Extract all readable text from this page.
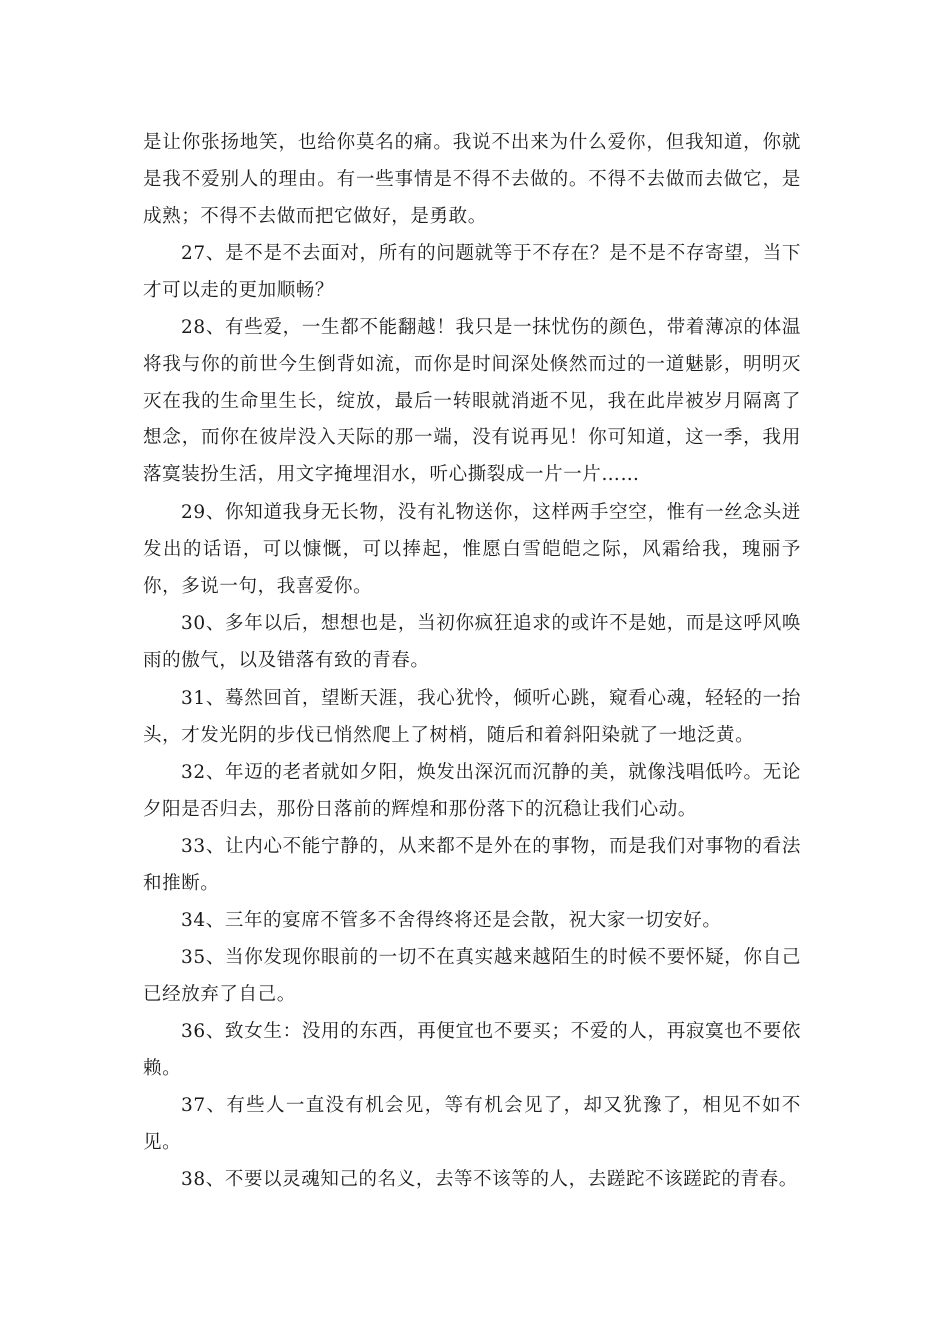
是让你张扬地笑，也给你莫名的痛。我说不出来为什么爱你，但我知道，你就是我不爱别人的理由。有一些事情是不得不去做的。不得不去做而去做它，是成熟；不得不去做而把它做好，是勇敢。

27、是不是不去面对，所有的问题就等于不存在？是不是不存寄望，当下才可以走的更加顺畅？

28、有些爱，一生都不能翻越！我只是一抹忧伤的颜色，带着薄凉的体温将我与你的前世今生倒背如流，而你是时间深处倏然而过的一道魅影，明明灭灭在我的生命里生长，绽放，最后一转眼就消逝不见，我在此岸被岁月隔离了想念，而你在彼岸没入天际的那一端，没有说再见！你可知道，这一季，我用落寞装扮生活，用文字掩埋泪水，听心撕裂成一片一片……

29、你知道我身无长物，没有礼物送你，这样两手空空，惟有一丝念头迸发出的话语，可以慷慨，可以捧起，惟愿白雪皑皑之际，风霜给我，瑰丽予你，多说一句，我喜爱你。

30、多年以后，想想也是，当初你疯狂追求的或许不是她，而是这呼风唤雨的傲气，以及错落有致的青春。

31、蓦然回首，望断天涯，我心犹怜，倾听心跳，窥看心魂，轻轻的一抬头，才发光阴的步伐已悄然爬上了树梢，随后和着斜阳染就了一地泛黄。

32、年迈的老者就如夕阳，焕发出深沉而沉静的美，就像浅唱低吟。无论夕阳是否归去，那份日落前的辉煌和那份落下的沉稳让我们心动。

33、让内心不能宁静的，从来都不是外在的事物，而是我们对事物的看法和推断。

34、三年的宴席不管多不舍得终将还是会散，祝大家一切安好。

35、当你发现你眼前的一切不在真实越来越陌生的时候不要怀疑，你自己已经放弃了自己。

36、致女生：没用的东西，再便宜也不要买；不爱的人，再寂寞也不要依赖。

37、有些人一直没有机会见，等有机会见了，却又犹豫了，相见不如不见。

38、不要以灵魂知己的名义，去等不该等的人，去蹉跎不该蹉跎的青春。
